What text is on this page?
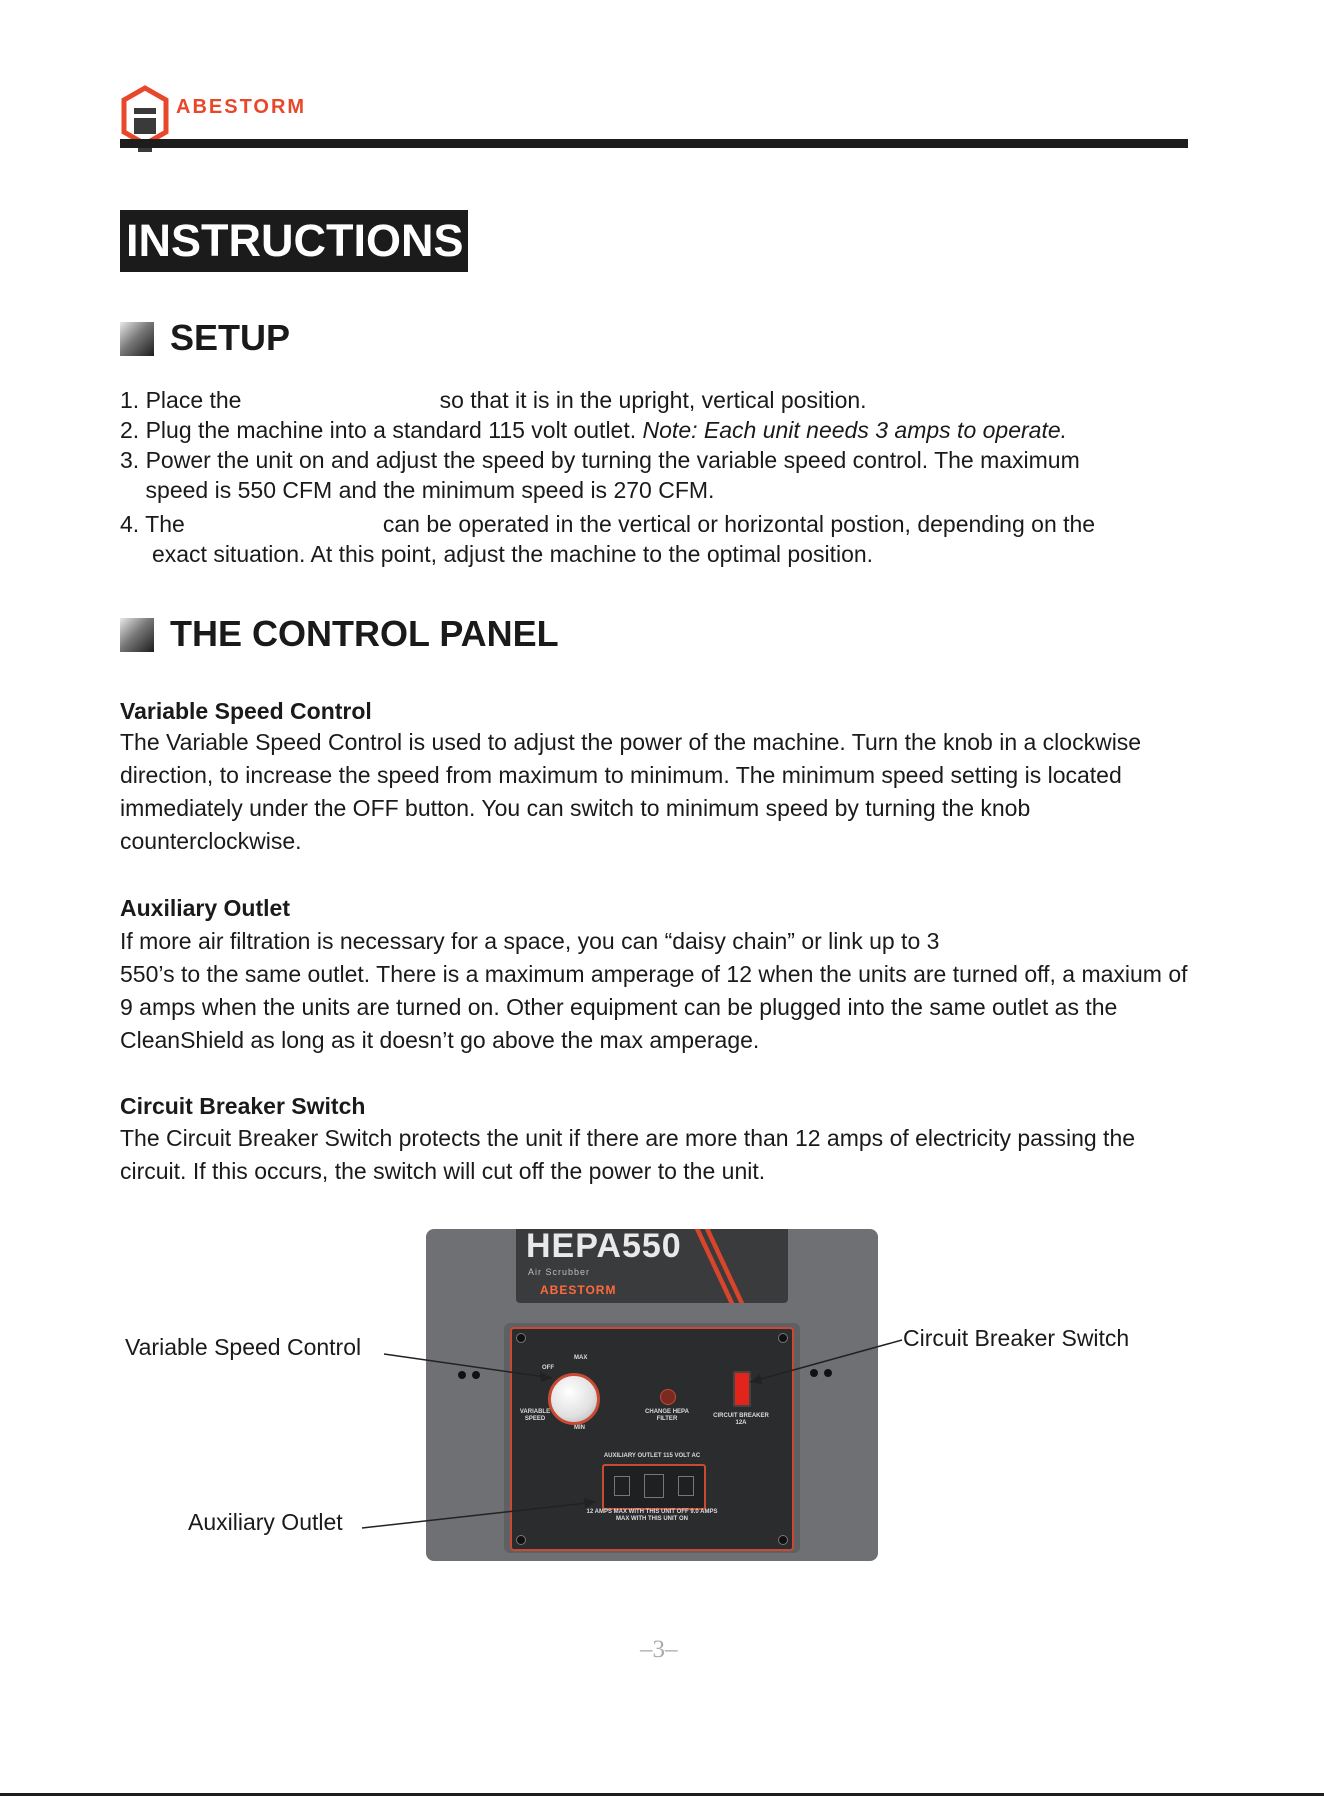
ABESTORM
INSTRUCTIONS
SETUP
1. Place the                               so that it is in the upright, vertical position.
2. Plug the machine into a standard 115 volt outlet. Note: Each unit needs 3 amps to operate.
3. Power the unit on and adjust the speed by turning the variable speed control. The maximum
speed is 550 CFM and the minimum speed is 270 CFM.
4. The                               can be operated in the vertical or horizontal postion, depending on the
exact situation. At this point, adjust the machine to the optimal position.
THE CONTROL PANEL
Variable Speed Control

The Variable Speed Control is used to adjust the power of the machine. Turn the knob in a clockwise direction, to increase the speed from maximum to minimum. The minimum speed setting is located immediately under the OFF button. You can switch to minimum speed by turning the knob counterclockwise.

Auxiliary Outlet

If more air filtration is necessary for a space, you can “daisy chain” or link up to 3

550’s to the same outlet. There is a maximum amperage of 12 when the units are turned off, a maxium of 9 amps when the units are turned on. Other equipment can be plugged into the same outlet as the CleanShield as long as it doesn’t go above the max amperage.

Circuit Breaker Switch

The Circuit Breaker Switch protects the unit if there are more than 12 amps of electricity passing the circuit. If this occurs, the switch will cut off the power to the unit.

HEPA550
Air Scrubber
ABESTORM
OFF
MAX
MIN
VARIABLE SPEED
CHANGE HEPA FILTER	CIRCUIT BREAKER 12A
AUXILIARY OUTLET 115 VOLT AC
12 AMPS MAX WITH THIS UNIT OFF 9.0 AMPS MAX WITH THIS UNIT ON
Variable Speed Control	Circuit Breaker Switch
Auxiliary Outlet
–3–
